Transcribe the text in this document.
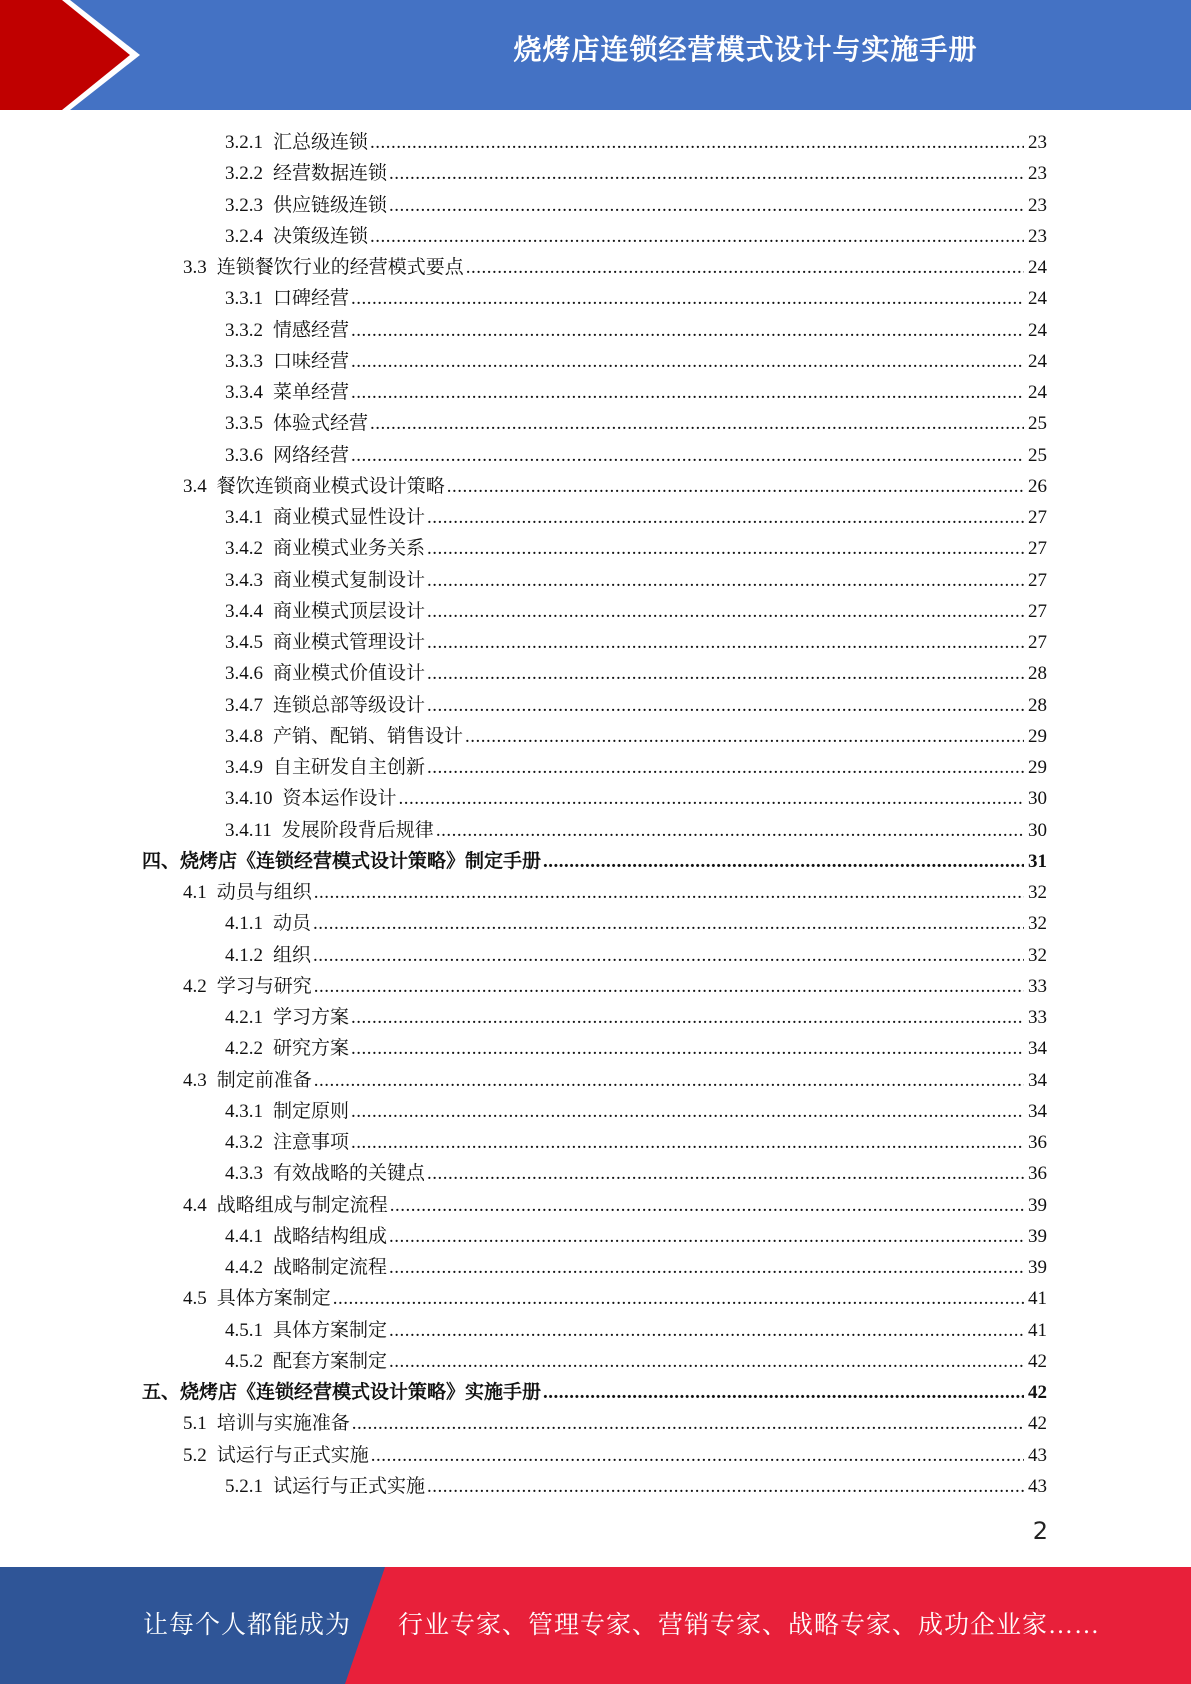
烧烤店连锁经营模式设计与实施手册
3.2.1 汇总级连锁 .....	23
3.2.2 经营数据连锁 .....	23
3.2.3 供应链级连锁 .....	23
3.2.4 决策级连锁 .....	23
3.3 连锁餐饮行业的经营模式要点 .....	24
3.3.1 口碑经营 .....	24
3.3.2 情感经营 .....	24
3.3.3 口味经营 .....	24
3.3.4 菜单经营 .....	24
3.3.5 体验式经营 .....	25
3.3.6 网络经营 .....	25
3.4 餐饮连锁商业模式设计策略 .....	26
3.4.1 商业模式显性设计 .....	27
3.4.2 商业模式业务关系 .....	27
3.4.3 商业模式复制设计 .....	27
3.4.4 商业模式顶层设计 .....	27
3.4.5 商业模式管理设计 .....	27
3.4.6 商业模式价值设计 .....	28
3.4.7 连锁总部等级设计 .....	28
3.4.8 产销、配销、销售设计 .....	29
3.4.9 自主研发自主创新 .....	29
3.4.10 资本运作设计 .....	30
3.4.11 发展阶段背后规律 .....	30
四、烧烤店《连锁经营模式设计策略》制定手册 .....	31
4.1 动员与组织 .....	32
4.1.1 动员 .....	32
4.1.2 组织 .....	32
4.2 学习与研究 .....	33
4.2.1 学习方案 .....	33
4.2.2 研究方案 .....	34
4.3 制定前准备 .....	34
4.3.1 制定原则 .....	34
4.3.2 注意事项 .....	36
4.3.3 有效战略的关键点 .....	36
4.4 战略组成与制定流程 .....	39
4.4.1 战略结构组成 .....	39
4.4.2 战略制定流程 .....	39
4.5 具体方案制定 .....	41
4.5.1 具体方案制定 .....	41
4.5.2 配套方案制定 .....	42
五、烧烤店《连锁经营模式设计策略》实施手册 .....	42
5.1 培训与实施准备 .....	42
5.2 试运行与正式实施 .....	43
5.2.1 试运行与正式实施 .....	43
2
让每个人都能成为 行业专家、管理专家、营销专家、战略专家、成功企业家……
